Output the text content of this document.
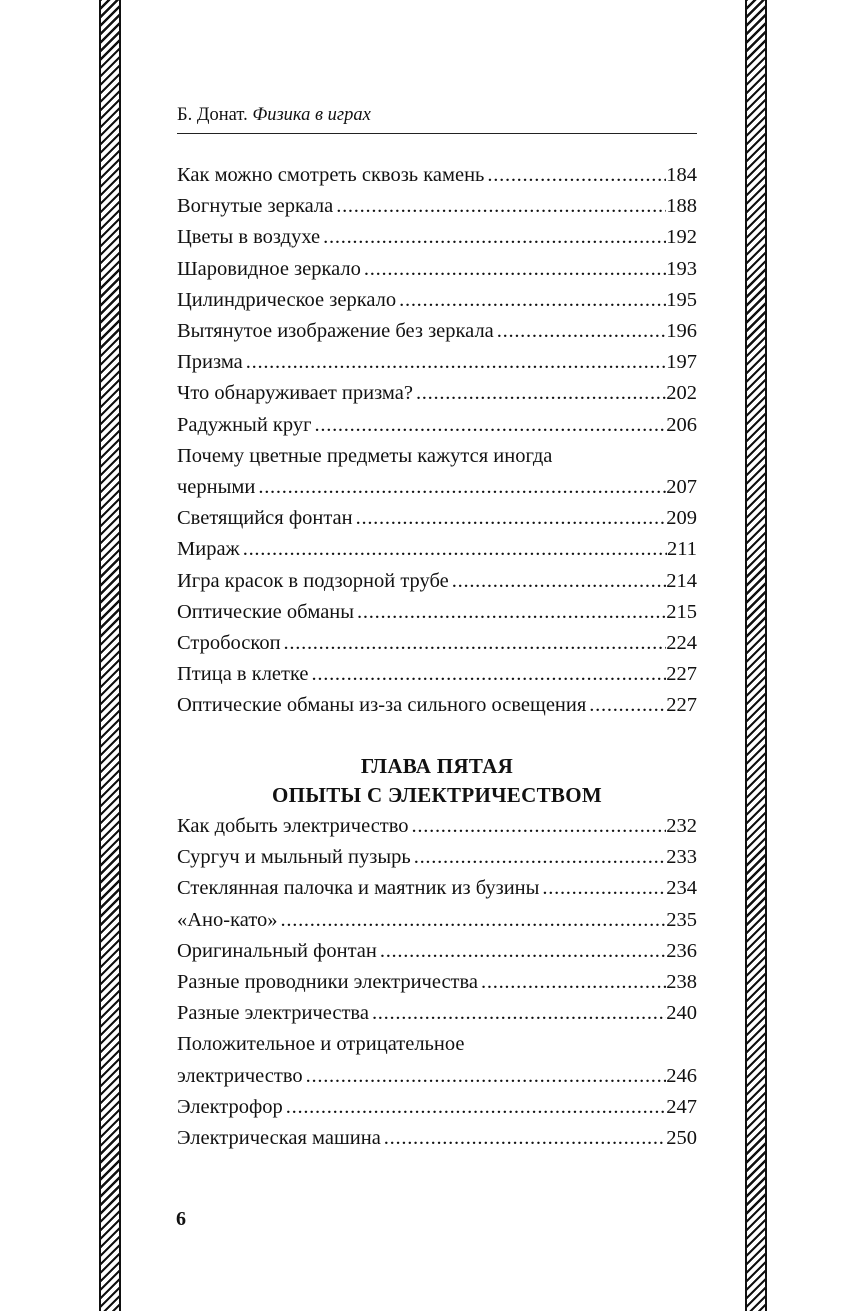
Б. Донат. Физика в играх
Как можно смотреть сквозь камень . . .	184
Вогнутые зеркала . . .	188
Цветы в воздухе . . .	192
Шаровидное зеркало . . .	193
Цилиндрическое зеркало . . .	195
Вытянутое изображение без зеркала . . .	196
Призма . . .	197
Что обнаруживает призма? . . .	202
Радужный круг . . .	206
Почему цветные предметы кажутся иногда
черными . . .	207
Светящийся фонтан . . .	209
Мираж . . .	211
Игра красок в подзорной трубе . . .	214
Оптические обманы . . .	215
Стробоскоп . . .	224
Птица в клетке . . .	227
Оптические обманы из-за сильного освещения . . .	227
ГЛАВА ПЯТАЯ
ОПЫТЫ С ЭЛЕКТРИЧЕСТВОМ
Как добыть электричество . . .	232
Сургуч и мыльный пузырь . . .	233
Стеклянная палочка и маятник из бузины . . .	234
«Ано-като» . . .	235
Оригинальный фонтан . . .	236
Разные проводники электричества . . .	238
Разные электричества . . .	240
Положительное и отрицательное
электричество . . .	246
Электрофор . . .	247
Электрическая машина . . .	250
6
